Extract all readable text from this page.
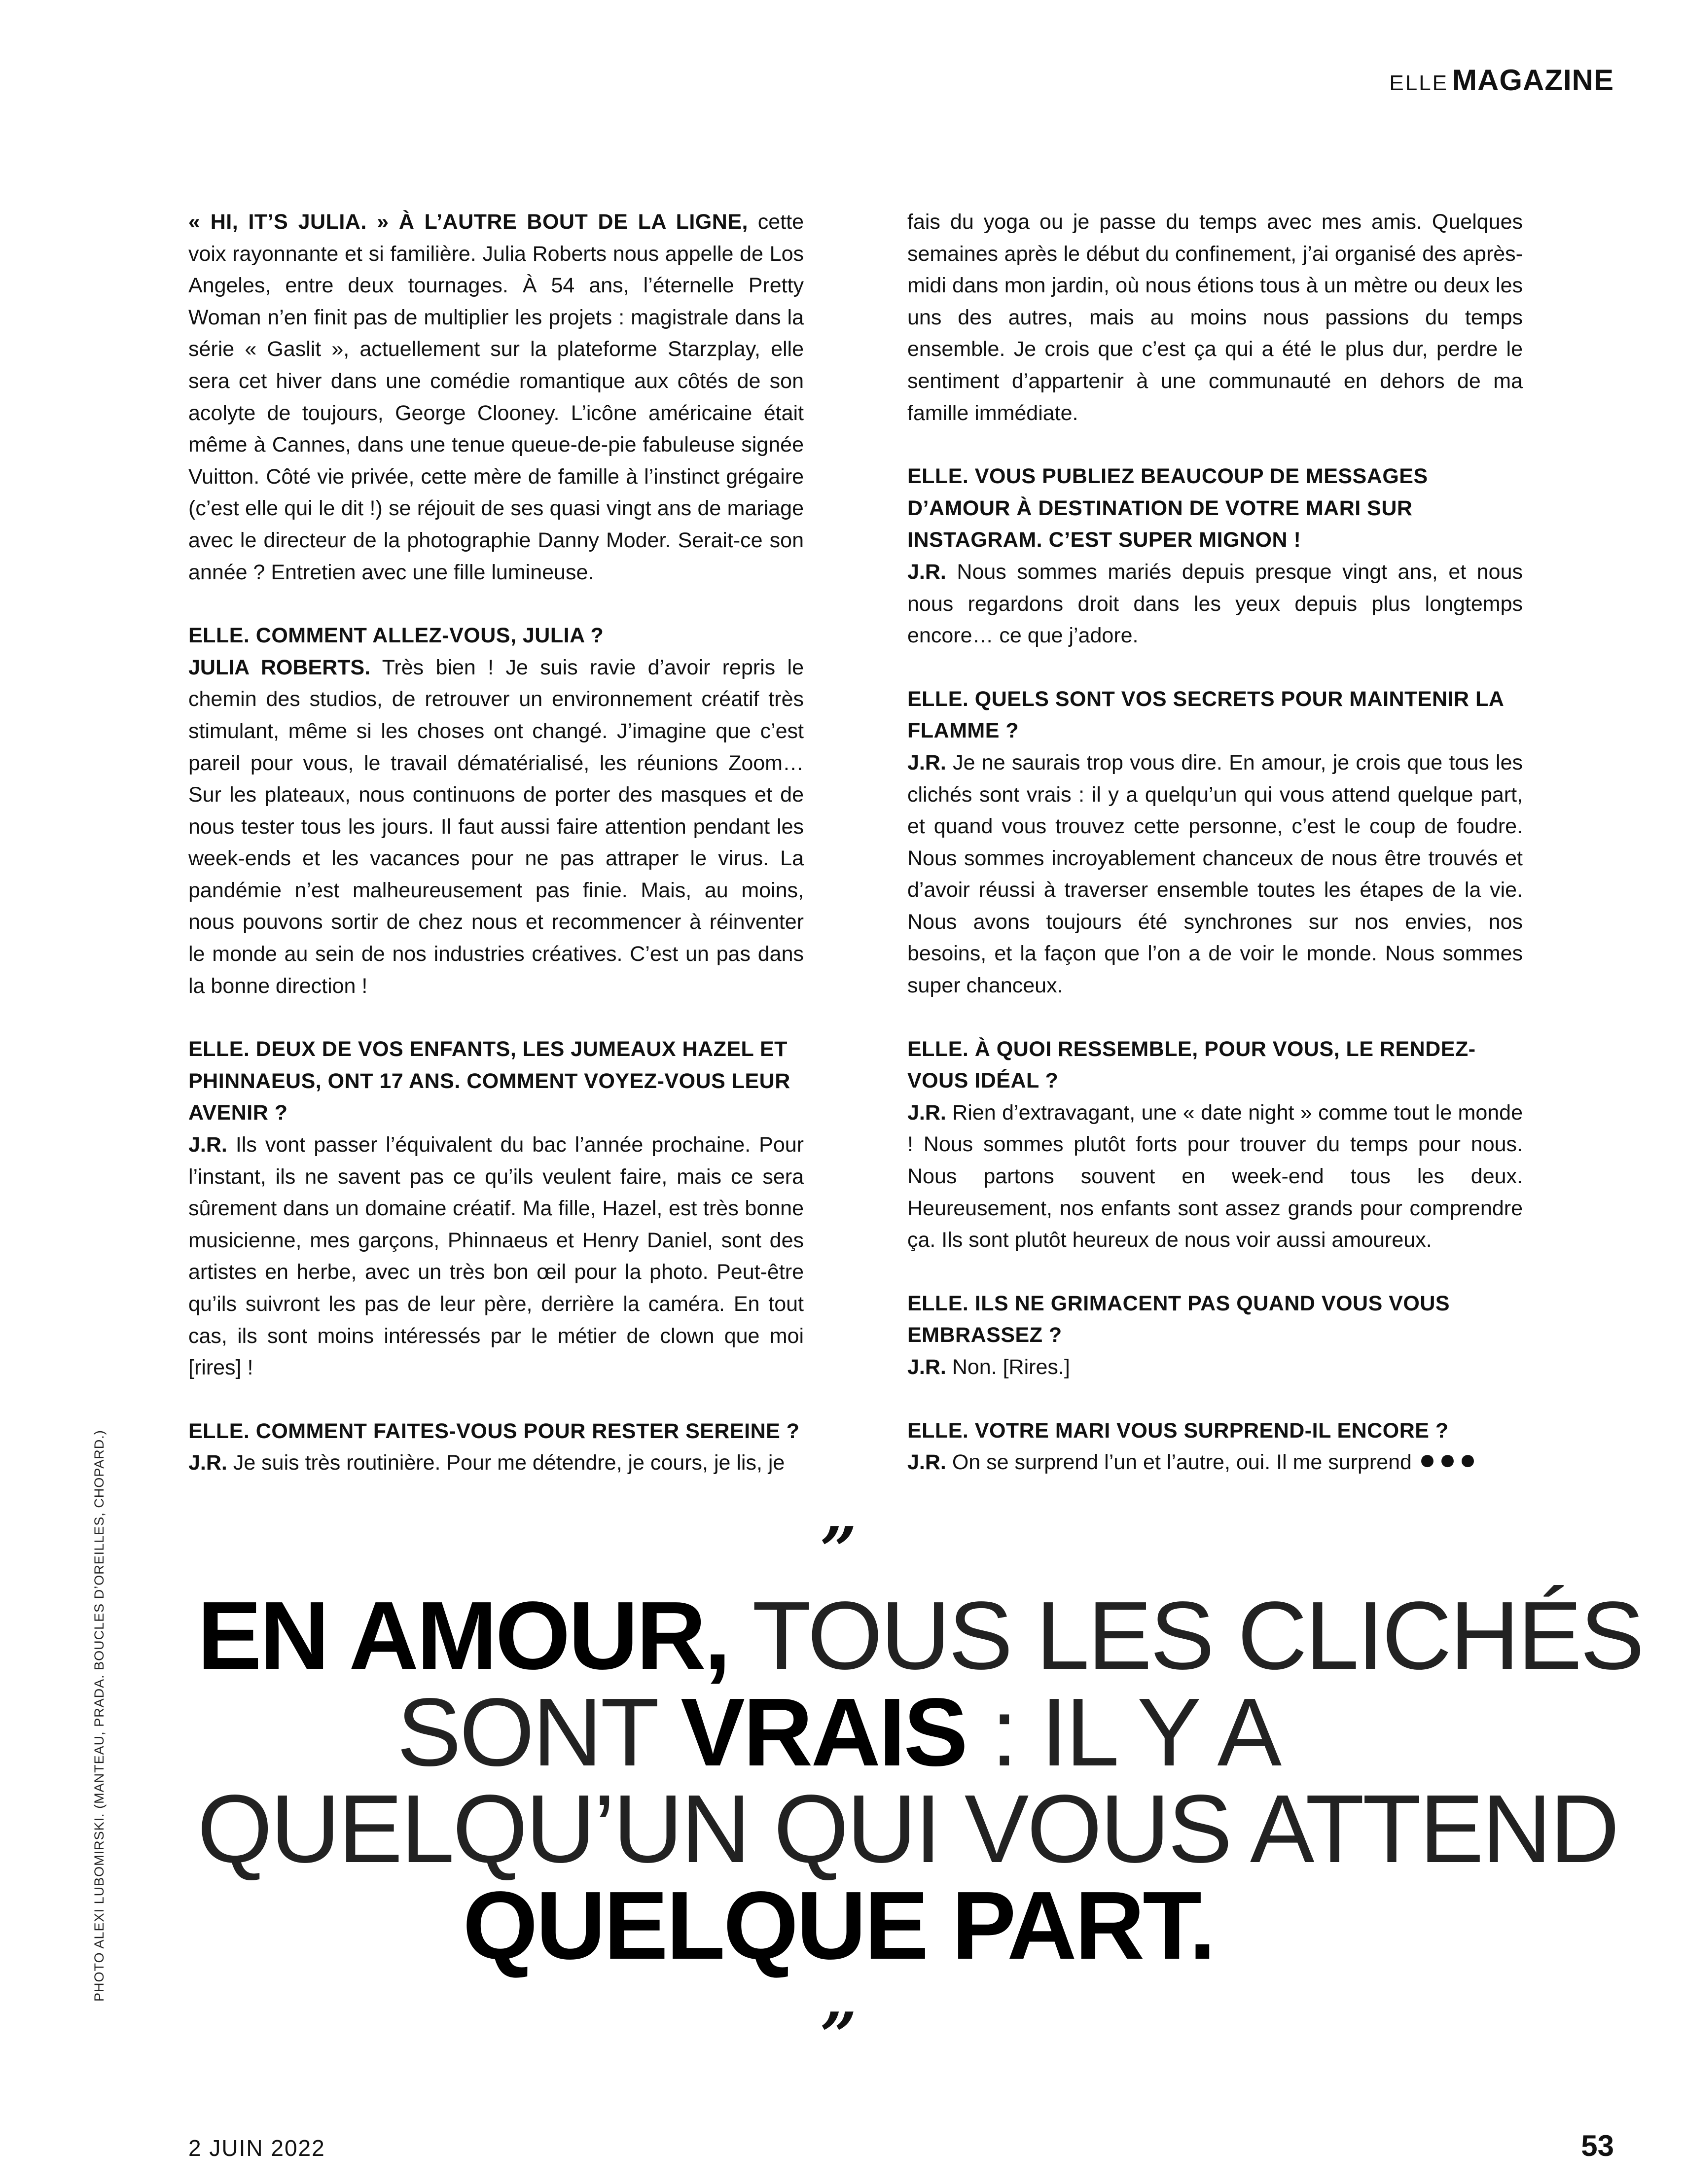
ELLE MAGAZINE

« HI, IT’S JULIA. » À L’AUTRE BOUT DE LA LIGNE, cette voix rayonnante et si familière. Julia Roberts nous appelle de Los Angeles, entre deux tournages. À 54 ans, l’éternelle Pretty Woman n’en finit pas de multiplier les projets : magistrale dans la série « Gaslit », actuellement sur la plateforme Starzplay, elle sera cet hiver dans une comédie romantique aux côtés de son acolyte de toujours, George Clooney. L’icône américaine était même à Cannes, dans une tenue queue-de-pie fabuleuse signée Vuitton. Côté vie privée, cette mère de famille à l’instinct grégaire (c’est elle qui le dit !) se réjouit de ses quasi vingt ans de mariage avec le directeur de la photographie Danny Moder. Serait-ce son année ? Entretien avec une fille lumineuse.

ELLE. COMMENT ALLEZ-VOUS, JULIA ?
JULIA ROBERTS. Très bien ! Je suis ravie d’avoir repris le chemin des studios, de retrouver un environnement créatif très stimulant, même si les choses ont changé. J’imagine que c’est pareil pour vous, le travail dématérialisé, les réunions Zoom… Sur les plateaux, nous continuons de porter des masques et de nous tester tous les jours. Il faut aussi faire attention pendant les week-ends et les vacances pour ne pas attraper le virus. La pandémie n’est malheureusement pas finie. Mais, au moins, nous pouvons sortir de chez nous et recommencer à réinventer le monde au sein de nos industries créatives. C’est un pas dans la bonne direction !

ELLE. DEUX DE VOS ENFANTS, LES JUMEAUX HAZEL ET PHINNAEUS, ONT 17 ANS. COMMENT VOYEZ-VOUS LEUR AVENIR ?
J.R. Ils vont passer l’équivalent du bac l’année prochaine. Pour l’instant, ils ne savent pas ce qu’ils veulent faire, mais ce sera sûrement dans un domaine créatif. Ma fille, Hazel, est très bonne musicienne, mes garçons, Phinnaeus et Henry Daniel, sont des artistes en herbe, avec un très bon œil pour la photo. Peut-être qu’ils suivront les pas de leur père, derrière la caméra. En tout cas, ils sont moins intéressés par le métier de clown que moi [rires] !

ELLE. COMMENT FAITES-VOUS POUR RESTER SEREINE ?
J.R. Je suis très routinière. Pour me détendre, je cours, je lis, je

fais du yoga ou je passe du temps avec mes amis. Quelques semaines après le début du confinement, j’ai organisé des après-midi dans mon jardin, où nous étions tous à un mètre ou deux les uns des autres, mais au moins nous passions du temps ensemble. Je crois que c’est ça qui a été le plus dur, perdre le sentiment d’appartenir à une communauté en dehors de ma famille immédiate.

ELLE. VOUS PUBLIEZ BEAUCOUP DE MESSAGES D’AMOUR À DESTINATION DE VOTRE MARI SUR INSTAGRAM. C’EST SUPER MIGNON !
J.R. Nous sommes mariés depuis presque vingt ans, et nous nous regardons droit dans les yeux depuis plus longtemps encore… ce que j’adore.

ELLE. QUELS SONT VOS SECRETS POUR MAINTENIR LA FLAMME ?
J.R. Je ne saurais trop vous dire. En amour, je crois que tous les clichés sont vrais : il y a quelqu’un qui vous attend quelque part, et quand vous trouvez cette personne, c’est le coup de foudre. Nous sommes incroyablement chanceux de nous être trouvés et d’avoir réussi à traverser ensemble toutes les étapes de la vie. Nous avons toujours été synchrones sur nos envies, nos besoins, et la façon que l’on a de voir le monde. Nous sommes super chanceux.

ELLE. À QUOI RESSEMBLE, POUR VOUS, LE RENDEZ-VOUS IDÉAL ?
J.R. Rien d’extravagant, une « date night » comme tout le monde ! Nous sommes plutôt forts pour trouver du temps pour nous. Nous partons souvent en week-end tous les deux. Heureusement, nos enfants sont assez grands pour comprendre ça. Ils sont plutôt heureux de nous voir aussi amoureux.

ELLE. ILS NE GRIMACENT PAS QUAND VOUS VOUS EMBRASSEZ ?
J.R. Non. [Rires.]

ELLE. VOTRE MARI VOUS SURPREND-IL ENCORE ?
J.R. On se surprend l’un et l’autre, oui. Il me surprend ●●●

”
EN AMOUR, TOUS LES CLICHÉS
SONT VRAIS : IL Y A
QUELQU’UN QUI VOUS ATTEND
QUELQUE PART.
”
PHOTO ALEXI LUBOMIRSKI. (MANTEAU, PRADA. BOUCLES D’OREILLES, CHOPARD.)
2 JUIN 2022	53
